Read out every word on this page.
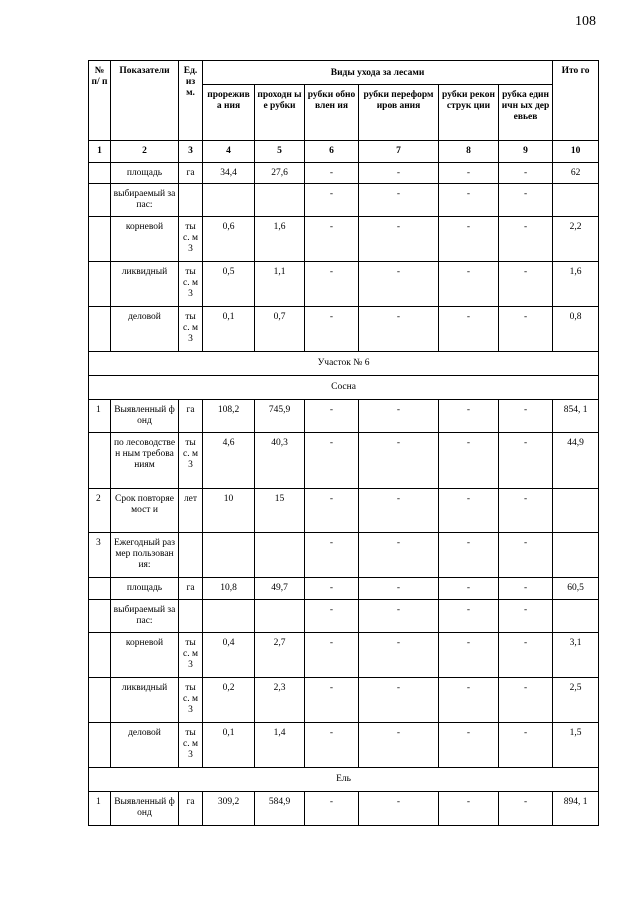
108
№ п/ п	Показатели	Ед. из м.	Виды ухода за лесами						Ито го
			прорежива ния	проходн ые рубки	рубки обновлен ия	рубки переформиров ания	рубки реконструк ции	рубка единичн ых деревьев	
1	2	3	4	5	6	7	8	9	10
	площадь	га	34,4	27,6	-	-	-	-	62
	выбираемый запас:				-	-	-	-	
	корневой	ты с. м3	0,6	1,6	-	-	-	-	2,2
	ликвидный	ты с. м3	0,5	1,1	-	-	-	-	1,6
	деловой	ты с. м3	0,1	0,7	-	-	-	-	0,8
Участок № 6									
Сосна									
1	Выявленный фонд	га	108,2	745,9	-	-	-	-	854, 1
	по лесоводствен ным требованиям	ты с. м3	4,6	40,3	-	-	-	-	44,9
2	Срок повторяемост и	лет	10	15	-	-	-	-	
3	Ежегодный размер пользования:				-	-	-	-	
	площадь	га	10,8	49,7	-	-	-	-	60,5
	выбираемый запас:				-	-	-	-	
	корневой	ты с. м3	0,4	2,7	-	-	-	-	3,1
	ликвидный	ты с. м3	0,2	2,3	-	-	-	-	2,5
	деловой	ты с. м3	0,1	1,4	-	-	-	-	1,5
Ель									
1	Выявленный фонд	га	309,2	584,9	-	-	-	-	894, 1
